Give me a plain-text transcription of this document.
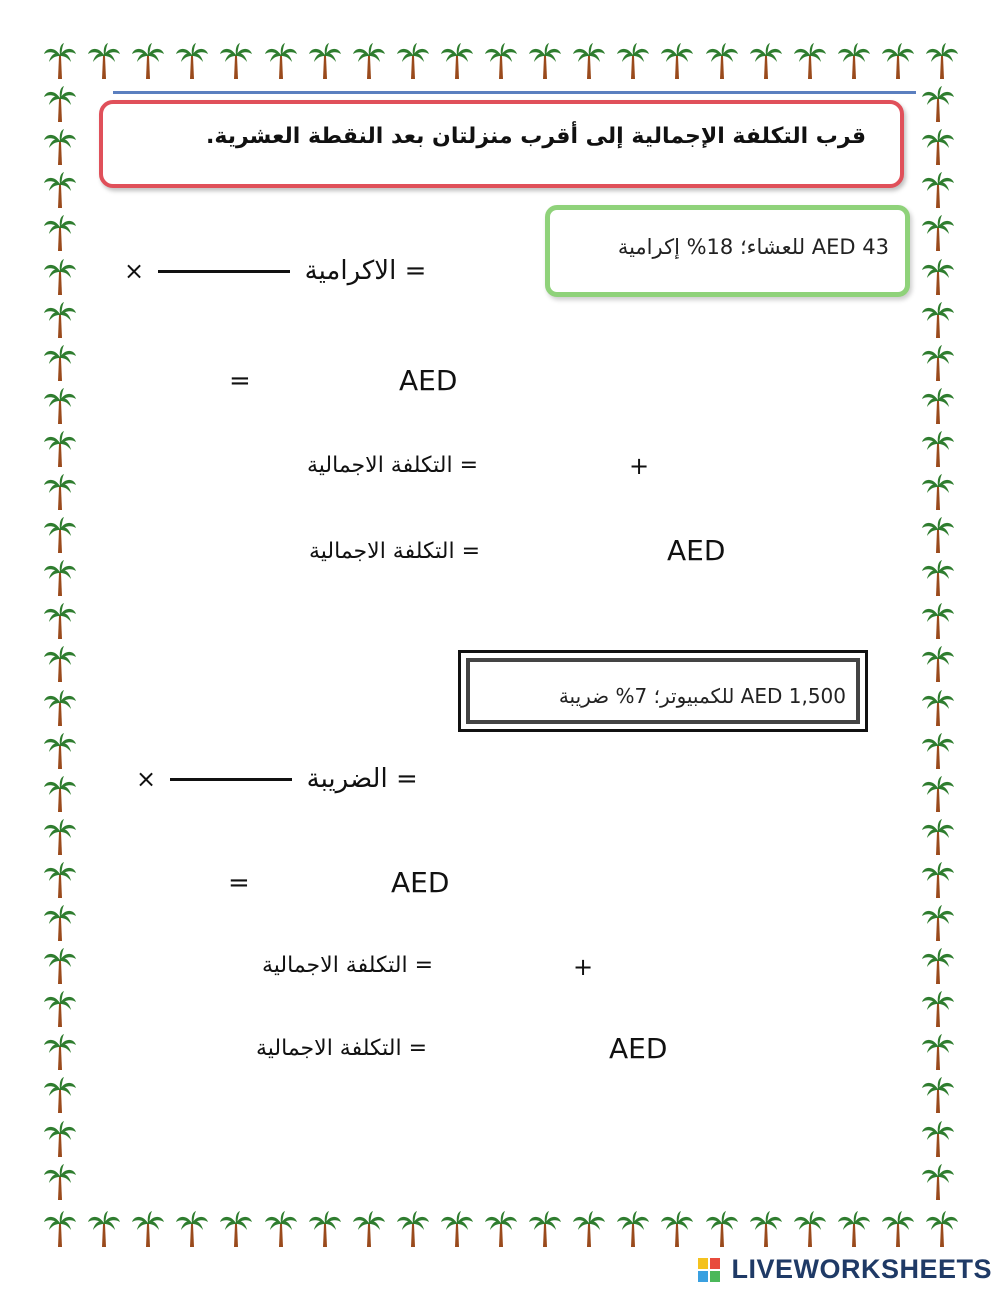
قرب التكلفة الإجمالية إلى أقرب منزلتان بعد النقطة العشرية.
AED 43 للعشاء؛ 18% إكرامية
= الاكرامية  ×
=	AED
= التكلفة الاجمالية	+
= التكلفة الاجمالية	AED
AED 1,500 للكمبيوتر؛ 7% ضريبة
= الضريبة  ×
=	AED
= التكلفة الاجمالية	+
= التكلفة الاجمالية	AED
LIVEWORKSHEETS
